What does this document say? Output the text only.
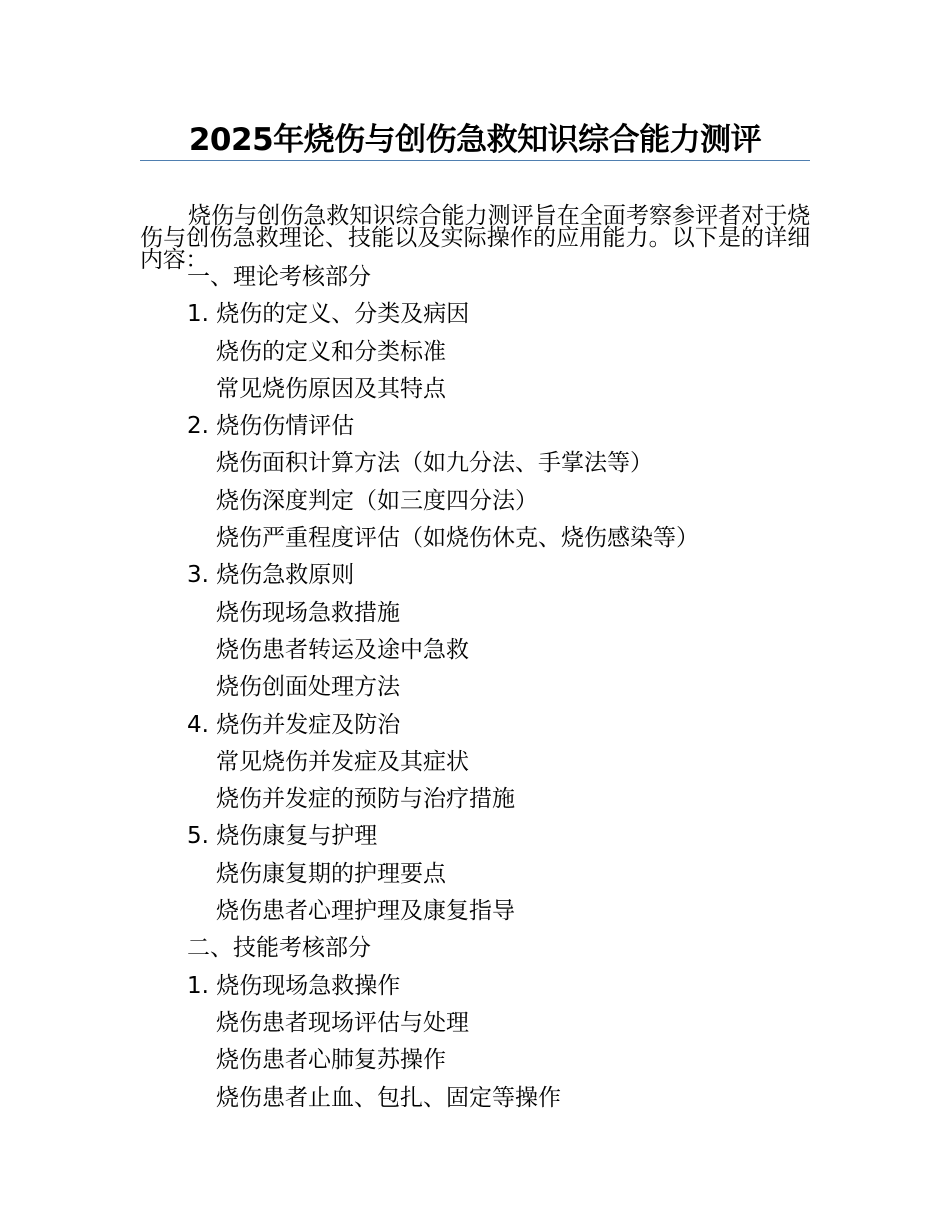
2025年烧伤与创伤急救知识综合能力测评

烧伤与创伤急救知识综合能力测评旨在全面考察参评者对于烧伤与创伤急救理论、技能以及实际操作的应用能力。以下是的详细内容：

一、理论考核部分
1. 烧伤的定义、分类及病因
烧伤的定义和分类标准
常见烧伤原因及其特点
2. 烧伤伤情评估
烧伤面积计算方法（如九分法、手掌法等）
烧伤深度判定（如三度四分法）
烧伤严重程度评估（如烧伤休克、烧伤感染等）
3. 烧伤急救原则
烧伤现场急救措施
烧伤患者转运及途中急救
烧伤创面处理方法
4. 烧伤并发症及防治
常见烧伤并发症及其症状
烧伤并发症的预防与治疗措施
5. 烧伤康复与护理
烧伤康复期的护理要点
烧伤患者心理护理及康复指导
二、技能考核部分
1. 烧伤现场急救操作
烧伤患者现场评估与处理
烧伤患者心肺复苏操作
烧伤患者止血、包扎、固定等操作
